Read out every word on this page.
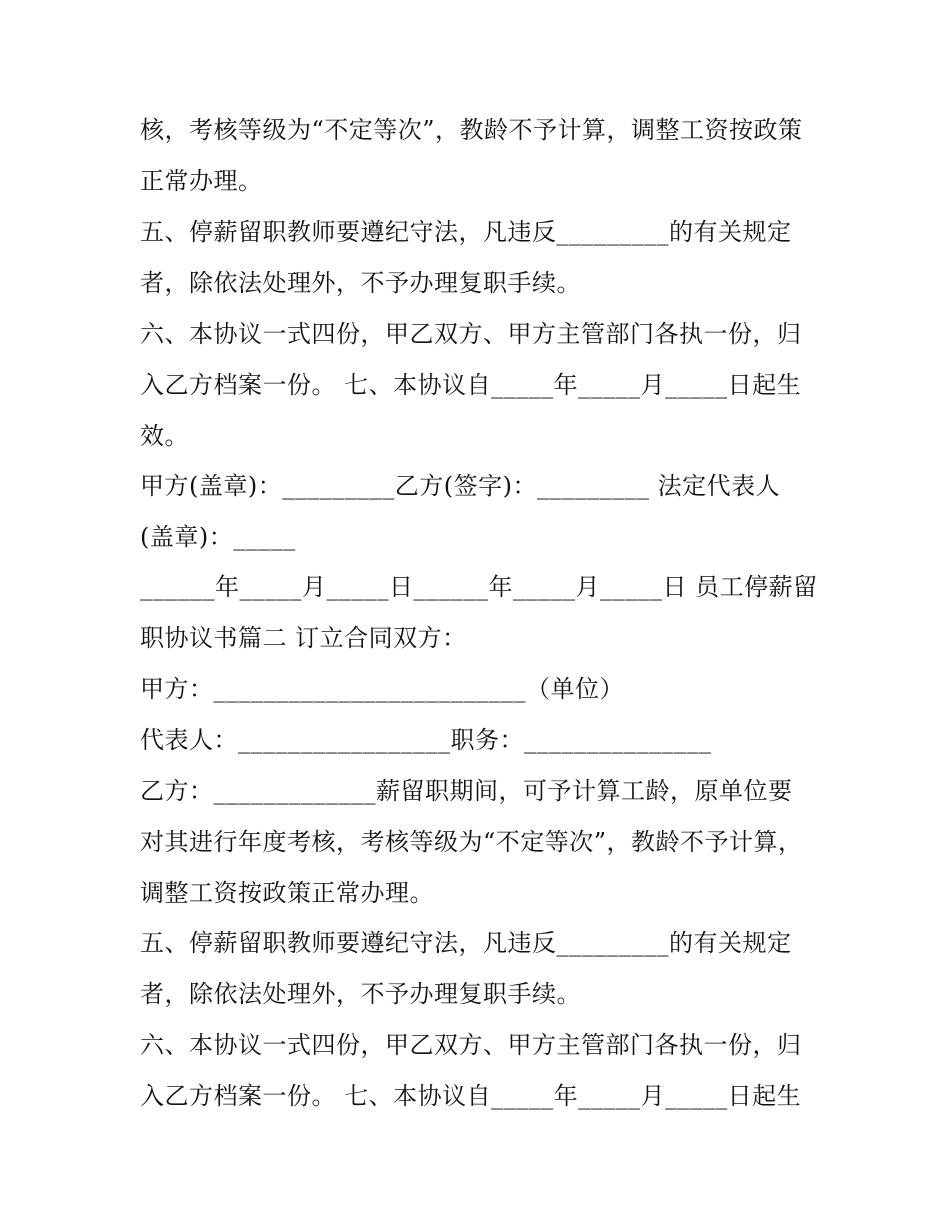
核，考核等级为“不定等次”，教龄不予计算，调整工资按政策
正常办理。
五、停薪留职教师要遵纪守法，凡违反_________的有关规定
者，除依法处理外，不予办理复职手续。
六、本协议一式四份，甲乙双方、甲方主管部门各执一份，归
入乙方档案一份。 七、本协议自_____年_____月_____日起生
效。
甲方(盖章)：_________乙方(签字)：_________ 法定代表人
(盖章)：_____
______年_____月_____日______年_____月_____日 员工停薪留
职协议书篇二 订立合同双方：
甲方：_________________________（单位）
代表人：_________________职务：_______________
乙方：_____________薪留职期间，可予计算工龄，原单位要
对其进行年度考核，考核等级为“不定等次”，教龄不予计算，
调整工资按政策正常办理。
五、停薪留职教师要遵纪守法，凡违反_________的有关规定
者，除依法处理外，不予办理复职手续。
六、本协议一式四份，甲乙双方、甲方主管部门各执一份，归
入乙方档案一份。 七、本协议自_____年_____月_____日起生
